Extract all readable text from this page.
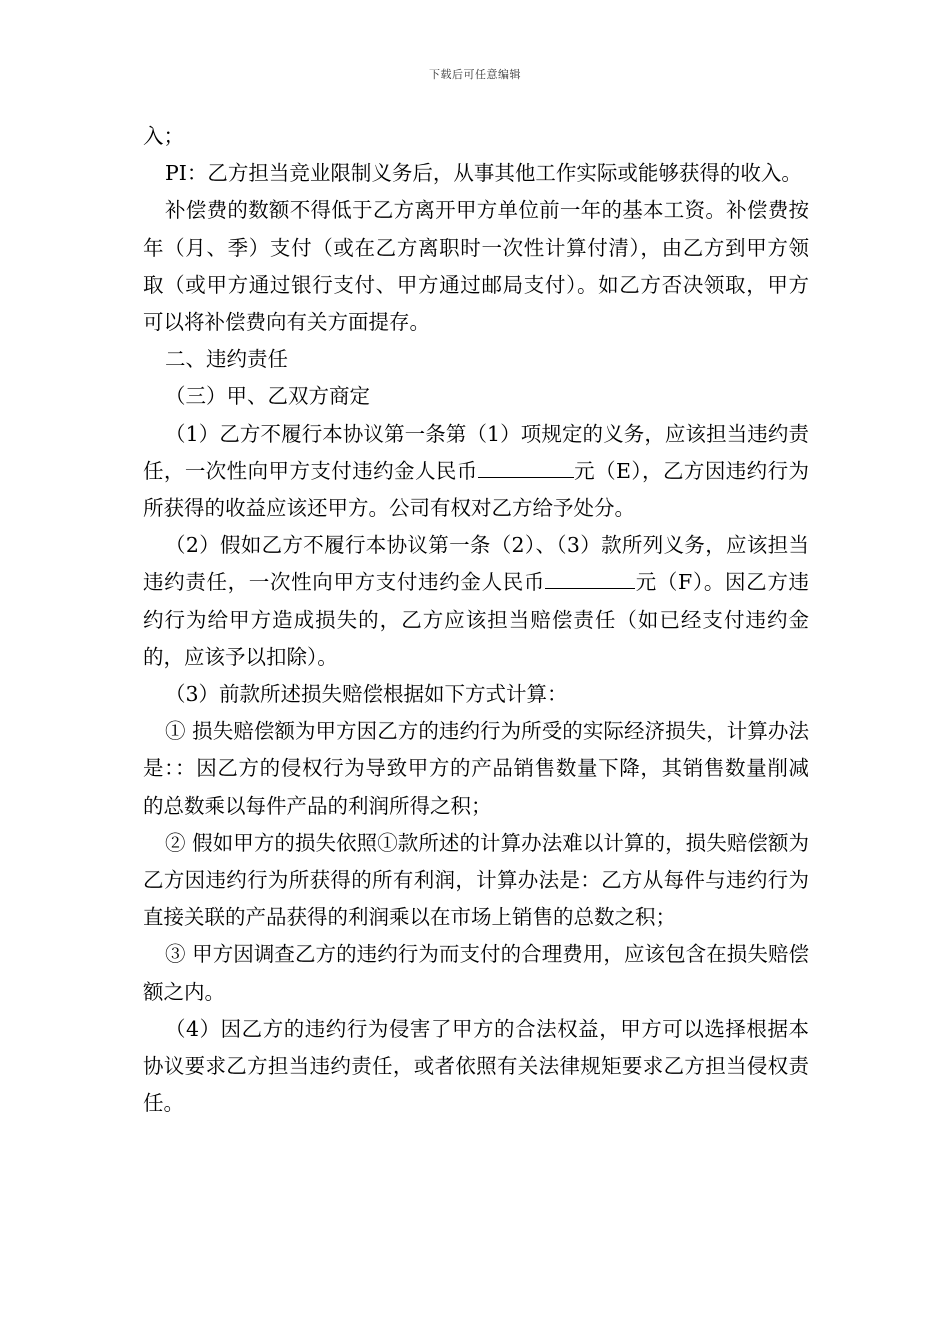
下载后可任意编辑

入；

PI：乙方担当竞业限制义务后，从事其他工作实际或能够获得的收入。

补偿费的数额不得低于乙方离开甲方单位前一年的基本工资。补偿费按年（月、季）支付（或在乙方离职时一次性计算付清），由乙方到甲方领取（或甲方通过银行支付、甲方通过邮局支付）。如乙方否决领取，甲方可以将补偿费向有关方面提存。

二、违约责任

（三）甲、乙双方商定

（1）乙方不履行本协议第一条第（1）项规定的义务，应该担当违约责任，一次性向甲方支付违约金人民币	元（E），乙方因违约行为所获得的收益应该还甲方。公司有权对乙方给予处分。

（2）假如乙方不履行本协议第一条（2）、（3）款所列义务，应该担当违约责任，一次性向甲方支付违约金人民币	元（F）。因乙方违约行为给甲方造成损失的，乙方应该担当赔偿责任（如已经支付违约金的，应该予以扣除）。

（3）前款所述损失赔偿根据如下方式计算：

① 损失赔偿额为甲方因乙方的违约行为所受的实际经济损失，计算办法是：：因乙方的侵权行为导致甲方的产品销售数量下降，其销售数量削减的总数乘以每件产品的利润所得之积；

② 假如甲方的损失依照①款所述的计算办法难以计算的，损失赔偿额为乙方因违约行为所获得的所有利润，计算办法是：乙方从每件与违约行为直接关联的产品获得的利润乘以在市场上销售的总数之积；

③ 甲方因调查乙方的违约行为而支付的合理费用，应该包含在损失赔偿额之内。

（4）因乙方的违约行为侵害了甲方的合法权益，甲方可以选择根据本协议要求乙方担当违约责任，或者依照有关法律规矩要求乙方担当侵权责任。
